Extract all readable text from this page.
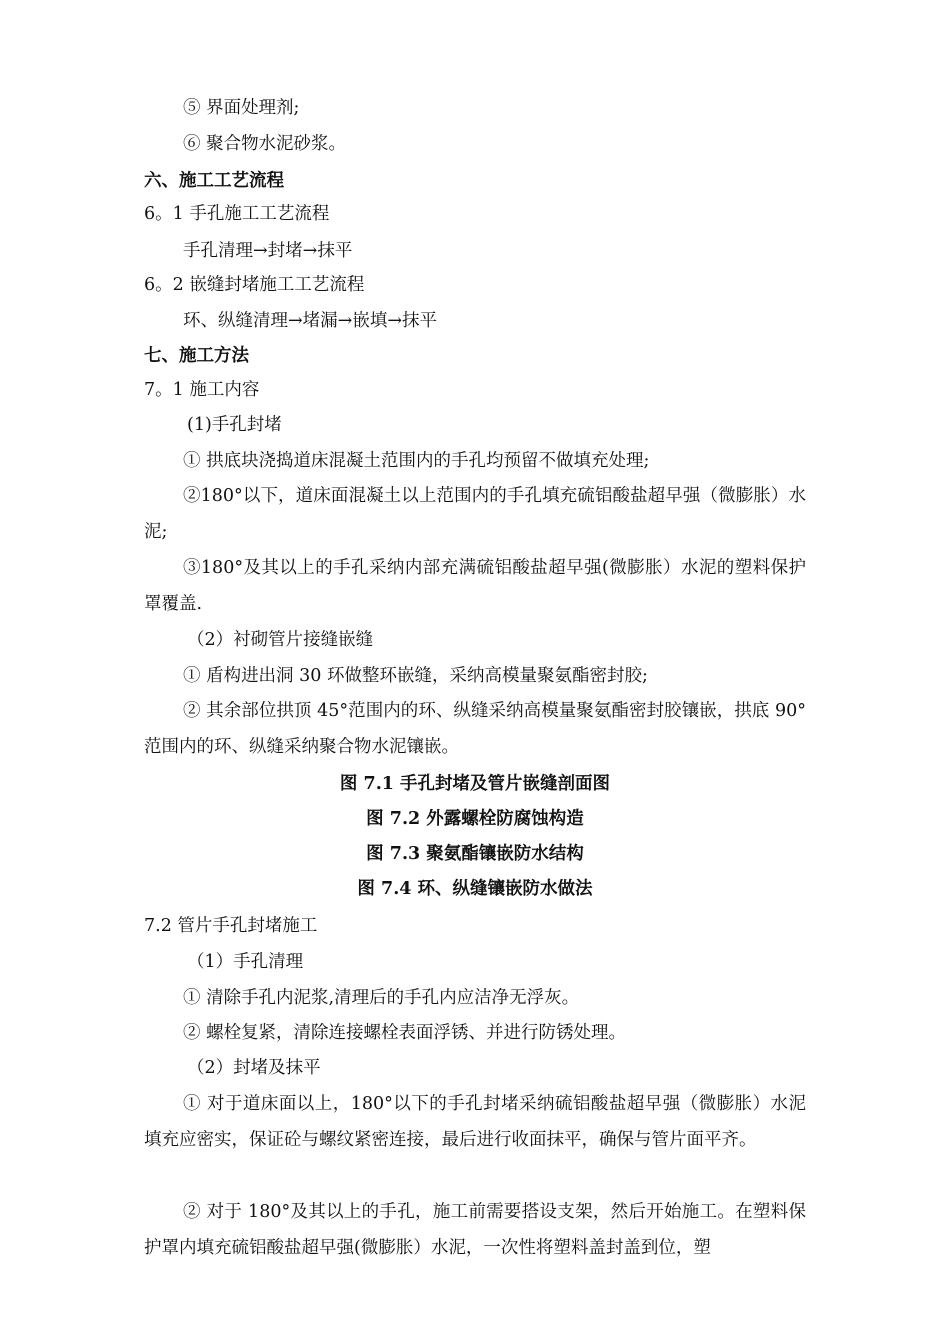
⑤ 界面处理剂;
⑥ 聚合物水泥砂浆。
六、施工工艺流程
6。1 手孔施工工艺流程
手孔清理→封堵→抹平
6。2 嵌缝封堵施工工艺流程
环、纵缝清理→堵漏→嵌填→抹平
七、施工方法
7。1 施工内容
(1)手孔封堵
① 拱底块浇捣道床混凝土范围内的手孔均预留不做填充处理;
②180°以下，道床面混凝土以上范围内的手孔填充硫铝酸盐超早强（微膨胀）水泥;
③180°及其以上的手孔采纳内部充满硫铝酸盐超早强(微膨胀）水泥的塑料保护罩覆盖.
（2）衬砌管片接缝嵌缝
① 盾构进出洞 30 环做整环嵌缝，采纳高模量聚氨酯密封胶;
② 其余部位拱顶 45°范围内的环、纵缝采纳高模量聚氨酯密封胶镶嵌，拱底 90°范围内的环、纵缝采纳聚合物水泥镶嵌。
图 7.1 手孔封堵及管片嵌缝剖面图
图 7.2 外露螺栓防腐蚀构造
图 7.3 聚氨酯镶嵌防水结构
图 7.4 环、纵缝镶嵌防水做法
7.2 管片手孔封堵施工
（1）手孔清理
① 清除手孔内泥浆,清理后的手孔内应洁净无浮灰。
② 螺栓复紧，清除连接螺栓表面浮锈、并进行防锈处理。
（2）封堵及抹平
① 对于道床面以上，180°以下的手孔封堵采纳硫铝酸盐超早强（微膨胀）水泥填充应密实，保证砼与螺纹紧密连接，最后进行收面抹平，确保与管片面平齐。
② 对于 180°及其以上的手孔，施工前需要搭设支架，然后开始施工。在塑料保护罩内填充硫铝酸盐超早强(微膨胀）水泥，一次性将塑料盖封盖到位，塑
